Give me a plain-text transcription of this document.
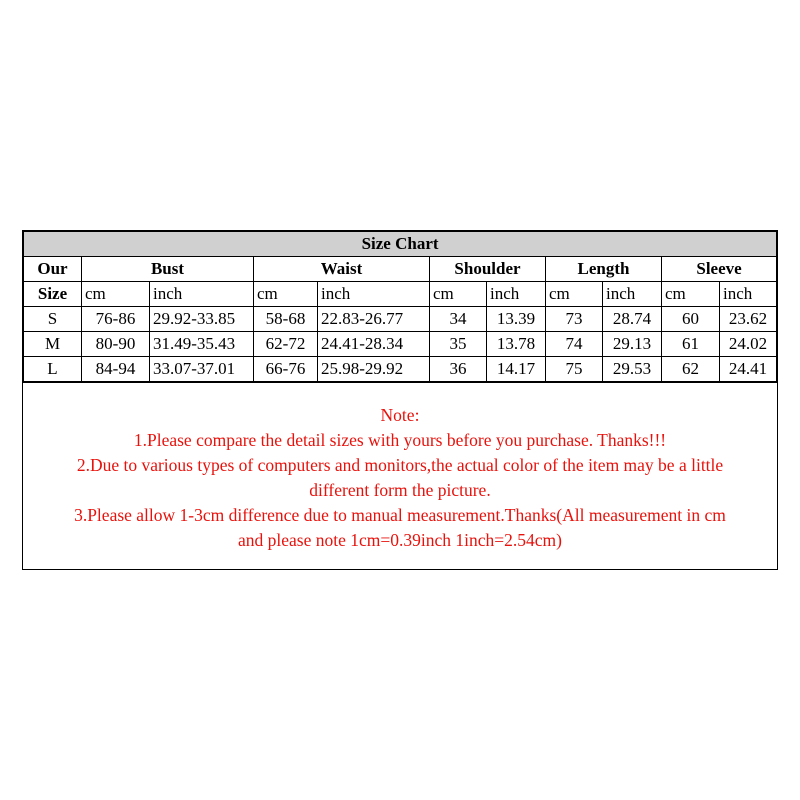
Size Chart										
Our	Bust		Waist		Shoulder		Length		Sleeve	
Size	cm	inch	cm	inch	cm	inch	cm	inch	cm	inch
S	76-86	29.92-33.85	58-68	22.83-26.77	34	13.39	73	28.74	60	23.62
M	80-90	31.49-35.43	62-72	24.41-28.34	35	13.78	74	29.13	61	24.02
L	84-94	33.07-37.01	66-76	25.98-29.92	36	14.17	75	29.53	62	24.41
Note:
1.Please compare the detail sizes with yours before you purchase. Thanks!!!
2.Due to various types of computers and monitors,the actual color of the item may be a little
different form the picture.
3.Please allow 1-3cm difference due to manual measurement.Thanks(All measurement in cm
and please note 1cm=0.39inch 1inch=2.54cm)
